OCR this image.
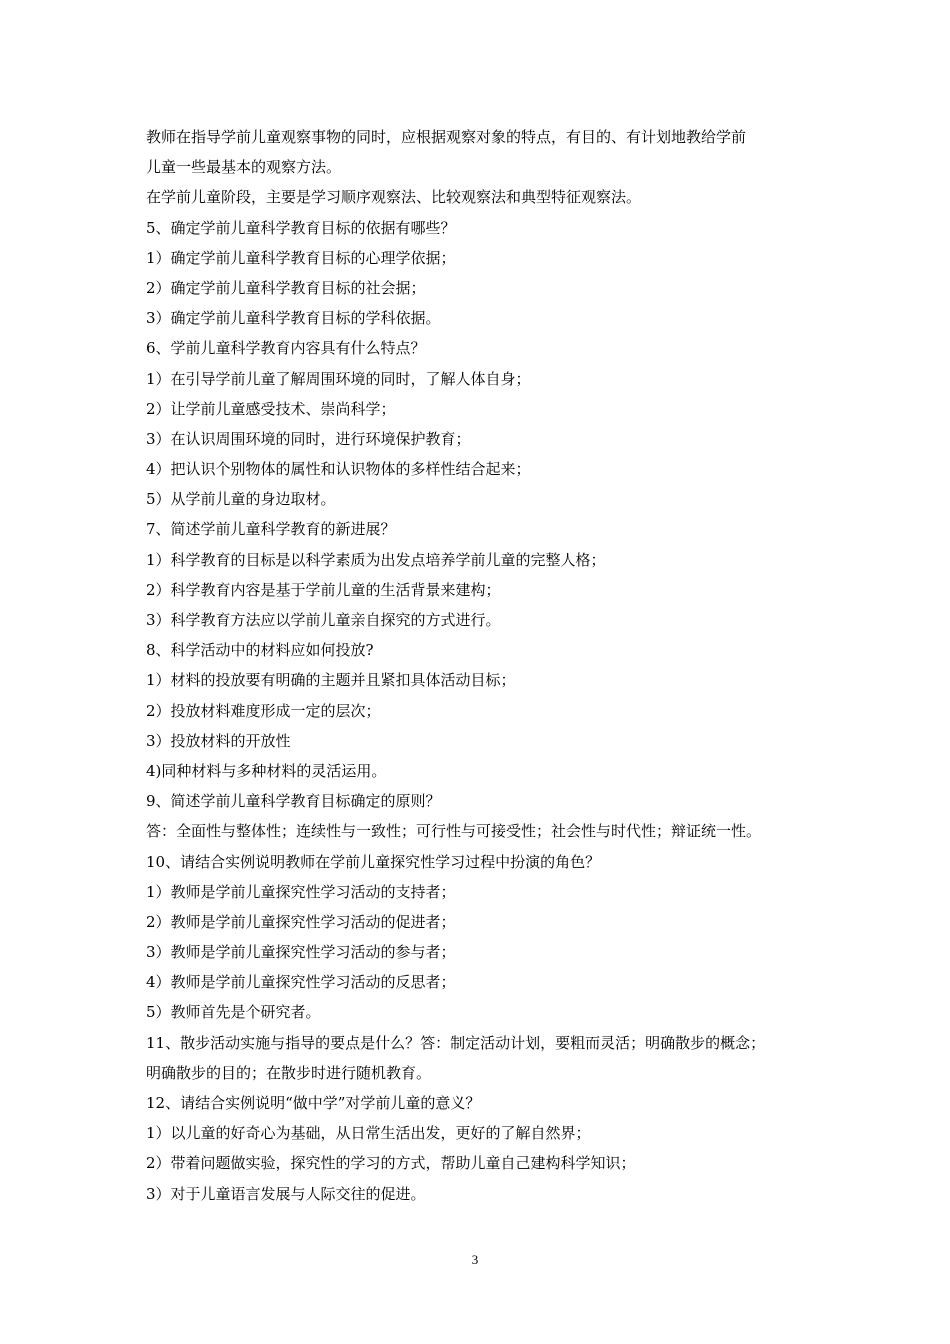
教师在指导学前儿童观察事物的同时，应根据观察对象的特点，有目的、有计划地教给学前
儿童一些最基本的观察方法。
在学前儿童阶段，主要是学习顺序观察法、比较观察法和典型特征观察法。
5、确定学前儿童科学教育目标的依据有哪些？
1）确定学前儿童科学教育目标的心理学依据；
2）确定学前儿童科学教育目标的社会据；
3）确定学前儿童科学教育目标的学科依据。
6、学前儿童科学教育内容具有什么特点？
1）在引导学前儿童了解周围环境的同时，了解人体自身；
2）让学前儿童感受技术、崇尚科学；
3）在认识周围环境的同时，进行环境保护教育；
4）把认识个别物体的属性和认识物体的多样性结合起来；
5）从学前儿童的身边取材。
7、简述学前儿童科学教育的新进展？
1）科学教育的目标是以科学素质为出发点培养学前儿童的完整人格；
2）科学教育内容是基于学前儿童的生活背景来建构；
3）科学教育方法应以学前儿童亲自探究的方式进行。
8、科学活动中的材料应如何投放?
1）材料的投放要有明确的主题并且紧扣具体活动目标；
2）投放材料难度形成一定的层次；
3）投放材料的开放性
4)同种材料与多种材料的灵活运用。
9、简述学前儿童科学教育目标确定的原则？
答：全面性与整体性；连续性与一致性；可行性与可接受性；社会性与时代性；辩证统一性。
10、请结合实例说明教师在学前儿童探究性学习过程中扮演的角色？
1）教师是学前儿童探究性学习活动的支持者；
2）教师是学前儿童探究性学习活动的促进者；
3）教师是学前儿童探究性学习活动的参与者；
4）教师是学前儿童探究性学习活动的反思者；
5）教师首先是个研究者。
11、散步活动实施与指导的要点是什么？答：制定活动计划，要粗而灵活；明确散步的概念；
明确散步的目的；在散步时进行随机教育。
12、请结合实例说明“做中学”对学前儿童的意义？
1）以儿童的好奇心为基础，从日常生活出发，更好的了解自然界；
2）带着问题做实验，探究性的学习的方式，帮助儿童自己建构科学知识；
3）对于儿童语言发展与人际交往的促进。
3
